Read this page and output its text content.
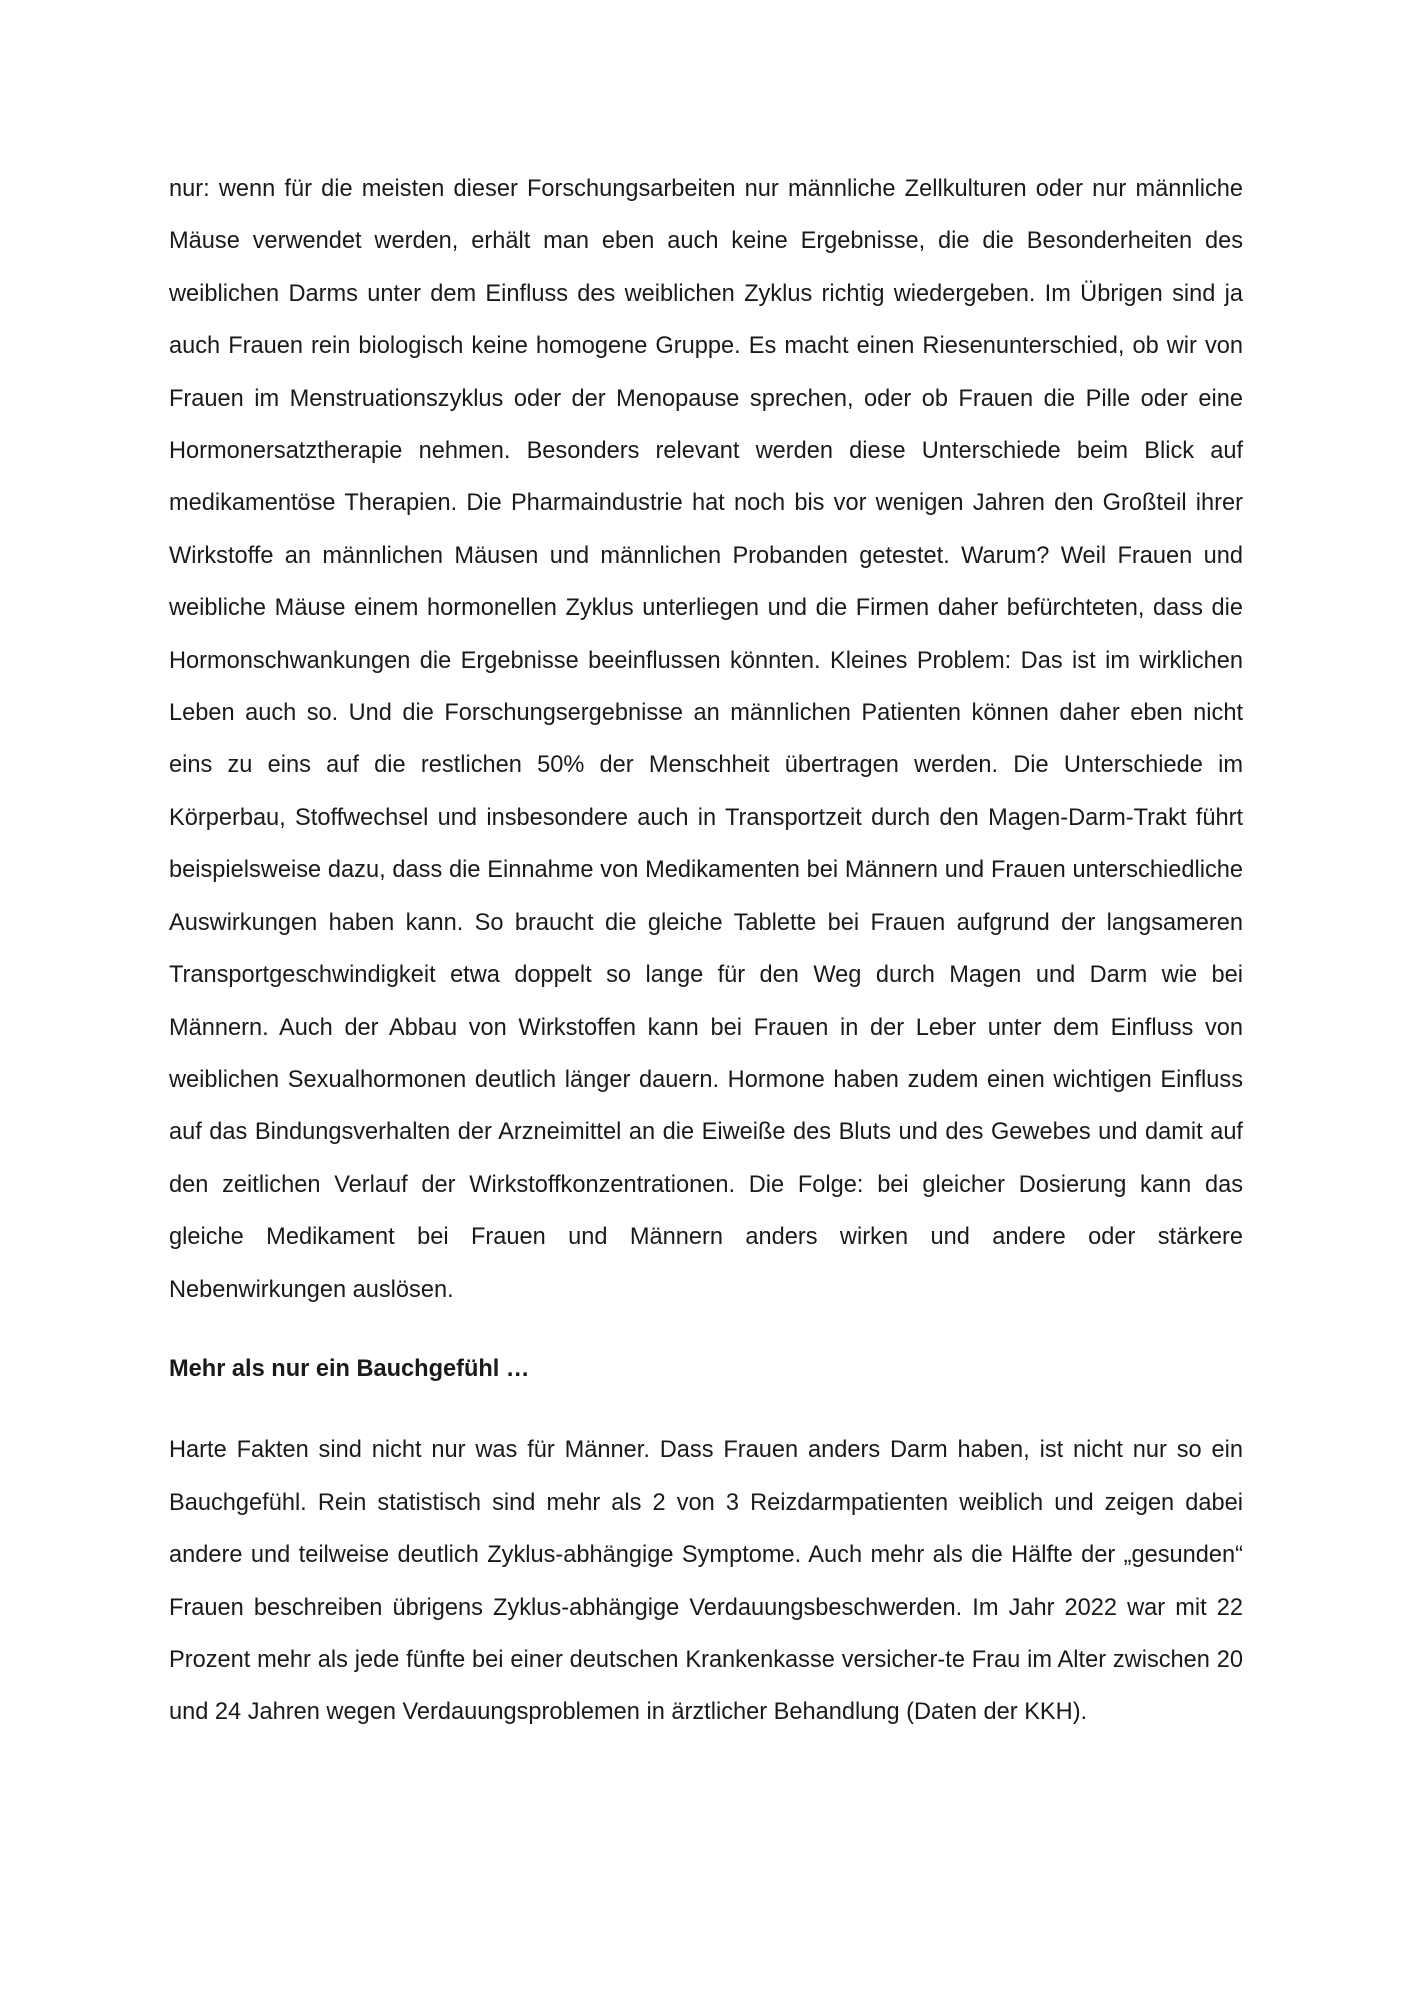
nur: wenn für die meisten dieser Forschungsarbeiten nur männliche Zellkulturen oder nur männliche Mäuse verwendet werden, erhält man eben auch keine Ergebnisse, die die Besonderheiten des weiblichen Darms unter dem Einfluss des weiblichen Zyklus richtig wiedergeben. Im Übrigen sind ja auch Frauen rein biologisch keine homogene Gruppe. Es macht einen Riesenunterschied, ob wir von Frauen im Menstruationszyklus oder der Menopause sprechen, oder ob Frauen die Pille oder eine Hormonersatztherapie nehmen. Besonders relevant werden diese Unterschiede beim Blick auf medikamentöse Therapien. Die Pharmaindustrie hat noch bis vor wenigen Jahren den Großteil ihrer Wirkstoffe an männlichen Mäusen und männlichen Probanden getestet. Warum? Weil Frauen und weibliche Mäuse einem hormonellen Zyklus unterliegen und die Firmen daher befürchteten, dass die Hormonschwankungen die Ergebnisse beeinflussen könnten. Kleines Problem: Das ist im wirklichen Leben auch so. Und die Forschungsergebnisse an männlichen Patienten können daher eben nicht eins zu eins auf die restlichen 50% der Menschheit übertragen werden. Die Unterschiede im Körperbau, Stoffwechsel und insbesondere auch in Transportzeit durch den Magen-Darm-Trakt führt beispielsweise dazu, dass die Einnahme von Medikamenten bei Männern und Frauen unterschiedliche Auswirkungen haben kann. So braucht die gleiche Tablette bei Frauen aufgrund der langsameren Transportgeschwindigkeit etwa doppelt so lange für den Weg durch Magen und Darm wie bei Männern. Auch der Abbau von Wirkstoffen kann bei Frauen in der Leber unter dem Einfluss von weiblichen Sexualhormonen deutlich länger dauern. Hormone haben zudem einen wichtigen Einfluss auf das Bindungsverhalten der Arzneimittel an die Eiweiße des Bluts und des Gewebes und damit auf den zeitlichen Verlauf der Wirkstoffkonzentrationen. Die Folge: bei gleicher Dosierung kann das gleiche Medikament bei Frauen und Männern anders wirken und andere oder stärkere Nebenwirkungen auslösen.

Mehr als nur ein Bauchgefühl …

Harte Fakten sind nicht nur was für Männer. Dass Frauen anders Darm haben, ist nicht nur so ein Bauchgefühl. Rein statistisch sind mehr als 2 von 3 Reizdarmpatienten weiblich und zeigen dabei andere und teilweise deutlich Zyklus-abhängige Symptome. Auch mehr als die Hälfte der „gesunden“ Frauen beschreiben übrigens Zyklus-abhängige Verdauungsbeschwerden. Im Jahr 2022 war mit 22 Prozent mehr als jede fünfte bei einer deutschen Krankenkasse versicher-te Frau im Alter zwischen 20 und 24 Jahren wegen Verdauungsproblemen in ärztlicher Behandlung (Daten der KKH).
